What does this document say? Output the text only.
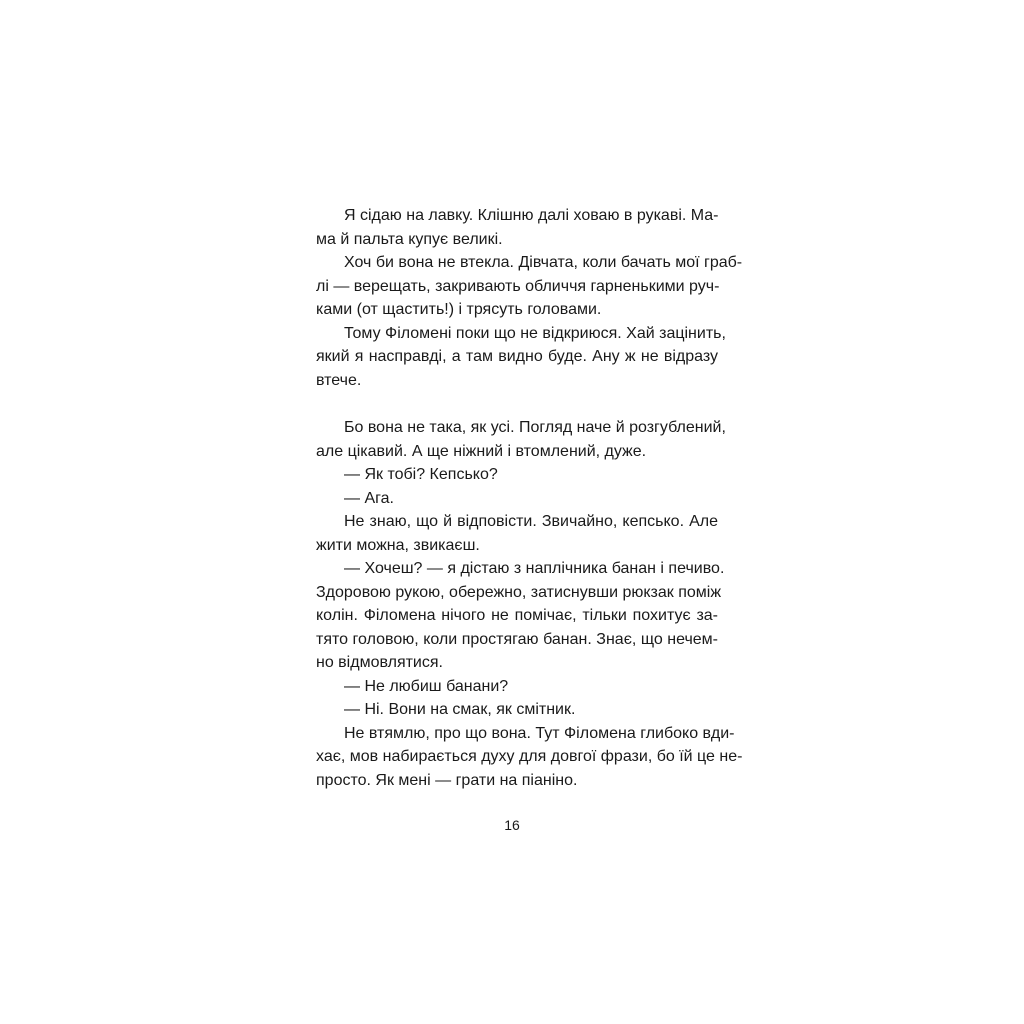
Я сідаю на лавку. Клішню далі ховаю в рукаві. Ма-
ма й пальта купує великі.
Хоч би вона не втекла. Дівчата, коли бачать мої граб-
лі — верещать, закривають обличчя гарненькими руч-
ками (от щастить!) і трясуть головами.
Тому Філомені поки що не відкриюся. Хай зацінить,
який я насправді, а там видно буде. Ану ж не відразу
втече.
Бо вона не така, як усі. Погляд наче й розгублений,
але цікавий. А ще ніжний і втомлений, дуже.
— Як тобі? Кепсько?
— Ага.
Не знаю, що й відповісти. Звичайно, кепсько. Але
жити можна, звикаєш.
— Хочеш? — я дістаю з наплічника банан і печиво.
Здоровою рукою, обережно, затиснувши рюкзак поміж
колін. Філомена нічого не помічає, тільки похитує за-
тято головою, коли простягаю банан. Знає, що нечем-
но відмовлятися.
— Не любиш банани?
— Ні. Вони на смак, як смітник.
Не втямлю, про що вона. Тут Філомена глибоко вди-
хає, мов набирається духу для довгої фрази, бо їй це не-
просто. Як мені — грати на піаніно.
16
